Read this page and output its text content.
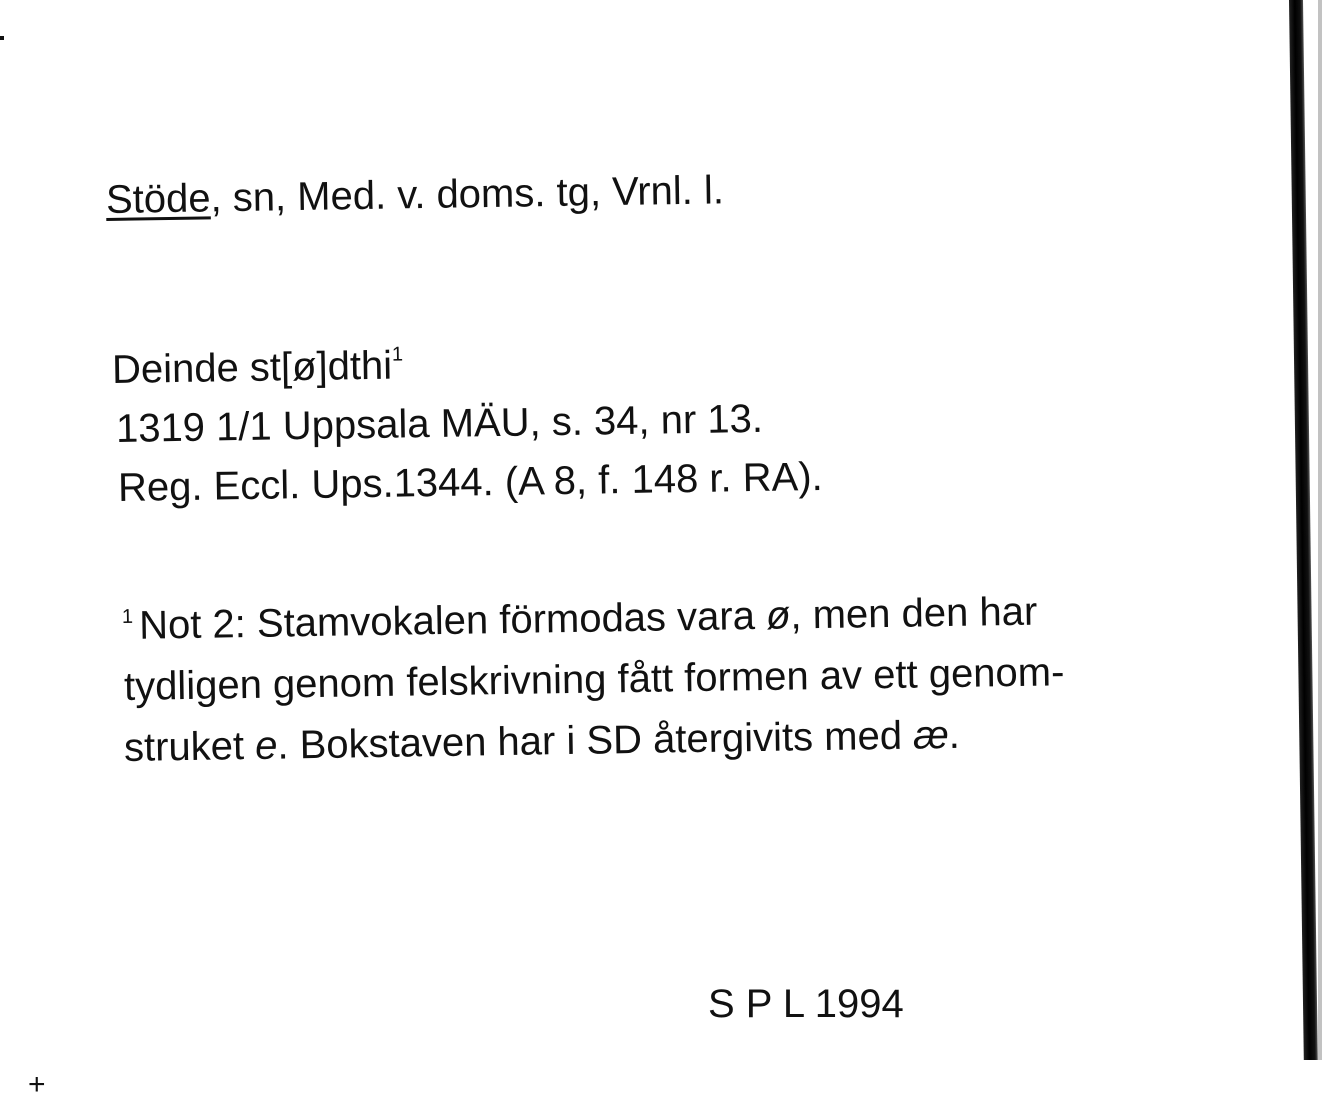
Stöde, sn, Med. v. doms. tg, Vrnl. l.
Deinde st[ø]dthi$^1$
1319 1/1 Uppsala MÄU, s. 34, nr 13.
Reg. Eccl. Ups.1344. (A 8, f. 148 r. RA).
$^1$ Not 2: Stamvokalen förmodas vara ø, men den har
tydligen genom felskrivning fått formen av ett genom-
struket e. Bokstaven har i SD återgivits med æ.
S P L 1994
+
